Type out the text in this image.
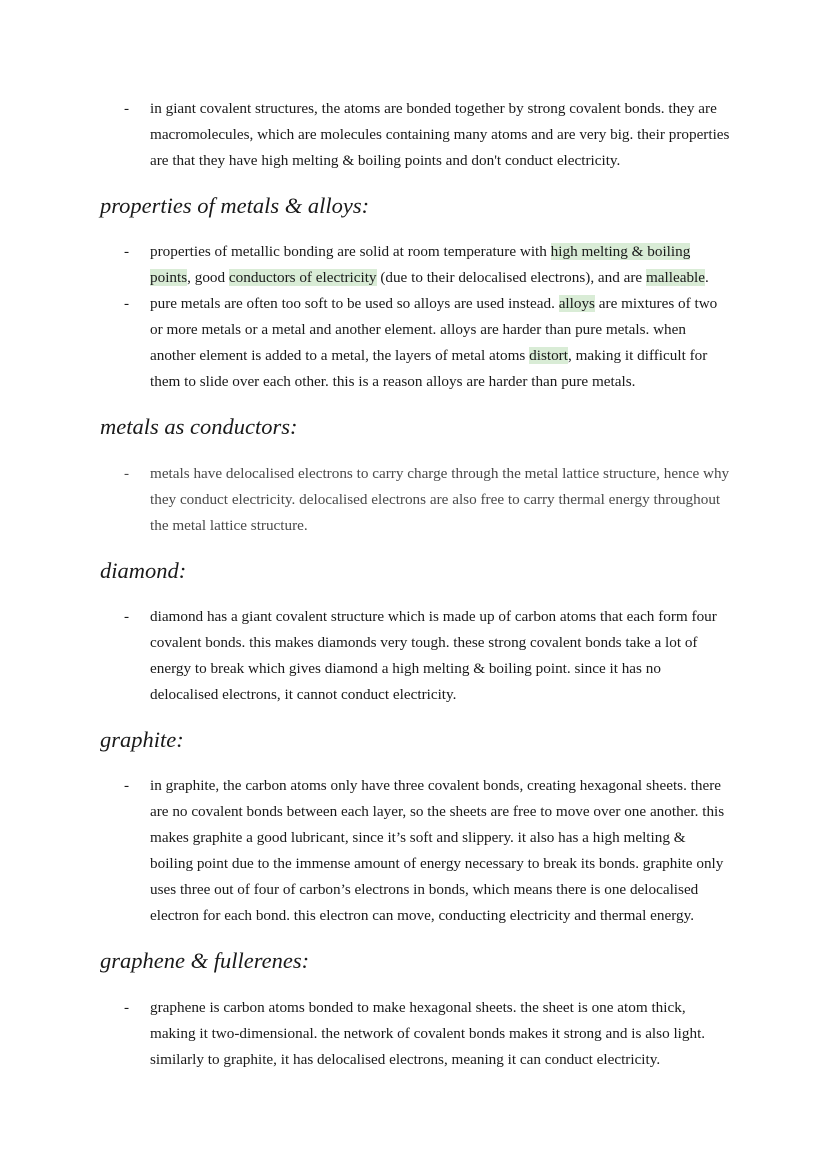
- in giant covalent structures, the atoms are bonded together by strong covalent bonds. they are macromolecules, which are molecules containing many atoms and are very big. their properties are that they have high melting & boiling points and don't conduct electricity.
properties of metals & alloys:
- properties of metallic bonding are solid at room temperature with high melting & boiling points, good conductors of electricity (due to their delocalised electrons), and are malleable.
- pure metals are often too soft to be used so alloys are used instead. alloys are mixtures of two or more metals or a metal and another element. alloys are harder than pure metals. when another element is added to a metal, the layers of metal atoms distort, making it difficult for them to slide over each other. this is a reason alloys are harder than pure metals.
metals as conductors:
- metals have delocalised electrons to carry charge through the metal lattice structure, hence why they conduct electricity. delocalised electrons are also free to carry thermal energy throughout the metal lattice structure.
diamond:
- diamond has a giant covalent structure which is made up of carbon atoms that each form four covalent bonds. this makes diamonds very tough. these strong covalent bonds take a lot of energy to break which gives diamond a high melting & boiling point. since it has no delocalised electrons, it cannot conduct electricity.
graphite:
- in graphite, the carbon atoms only have three covalent bonds, creating hexagonal sheets. there are no covalent bonds between each layer, so the sheets are free to move over one another. this makes graphite a good lubricant, since it’s soft and slippery. it also has a high melting & boiling point due to the immense amount of energy necessary to break its bonds. graphite only uses three out of four of carbon’s electrons in bonds, which means there is one delocalised electron for each bond. this electron can move, conducting electricity and thermal energy.
graphene & fullerenes:
- graphene is carbon atoms bonded to make hexagonal sheets. the sheet is one atom thick, making it two-dimensional. the network of covalent bonds makes it strong and is also light. similarly to graphite, it has delocalised electrons, meaning it can conduct electricity.
